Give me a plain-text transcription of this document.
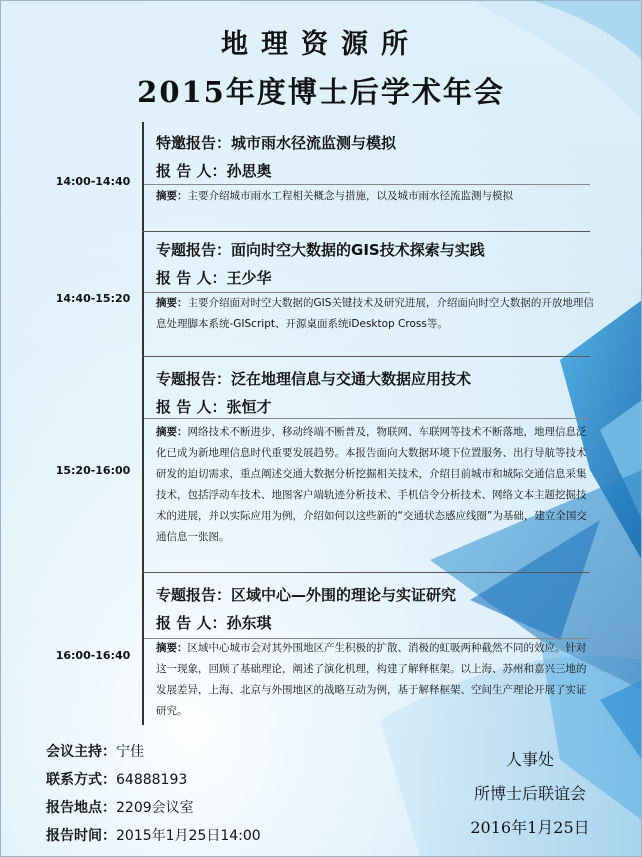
地理资源所
2015年度博士后学术年会
14:00-14:40
特邀报告：城市雨水径流监测与模拟
报 告 人：孙思奥
摘要：主要介绍城市雨水工程相关概念与措施，以及城市雨水径流监测与模拟
14:40-15:20
专题报告：面向时空大数据的GIS技术探索与实践
报 告 人：王少华
摘要：主要介绍面对时空大数据的GIS关键技术及研究进展，介绍面向时空大数据的开放地理信息处理脚本系统-GIScript、开源桌面系统iDesktop Cross等。
15:20-16:00
专题报告：泛在地理信息与交通大数据应用技术
报 告 人：张恒才
摘要：网络技术不断进步，移动终端不断普及，物联网、车联网等技术不断落地，地理信息泛化已成为新地理信息时代重要发展趋势。本报告面向大数据环境下位置服务、出行导航等技术研发的迫切需求，重点阐述交通大数据分析挖掘相关技术，介绍目前城市和城际交通信息采集技术，包括浮动车技术、地图客户端轨迹分析技术、手机信令分析技术、网络文本主题挖掘技术的进展，并以实际应用为例，介绍如何以这些新的“交通状态感应线圈”为基础，建立全国交通信息一张图。
16:00-16:40
专题报告：区域中心—外围的理论与实证研究
报 告 人：孙东琪
摘要：区域中心城市会对其外围地区产生积极的扩散、消极的虹吸两种截然不同的效应。针对这一现象，回顾了基础理论，阐述了演化机理，构建了解释框架。以上海、苏州和嘉兴三地的发展差异，上海、北京与外围地区的战略互动为例，基于解释框架、空间生产理论开展了实证研究。
会议主持：宁佳
联系方式：64888193
报告地点：2209会议室
报告时间：2015年1月25日14:00
人事处
所博士后联谊会
2016年1月25日
